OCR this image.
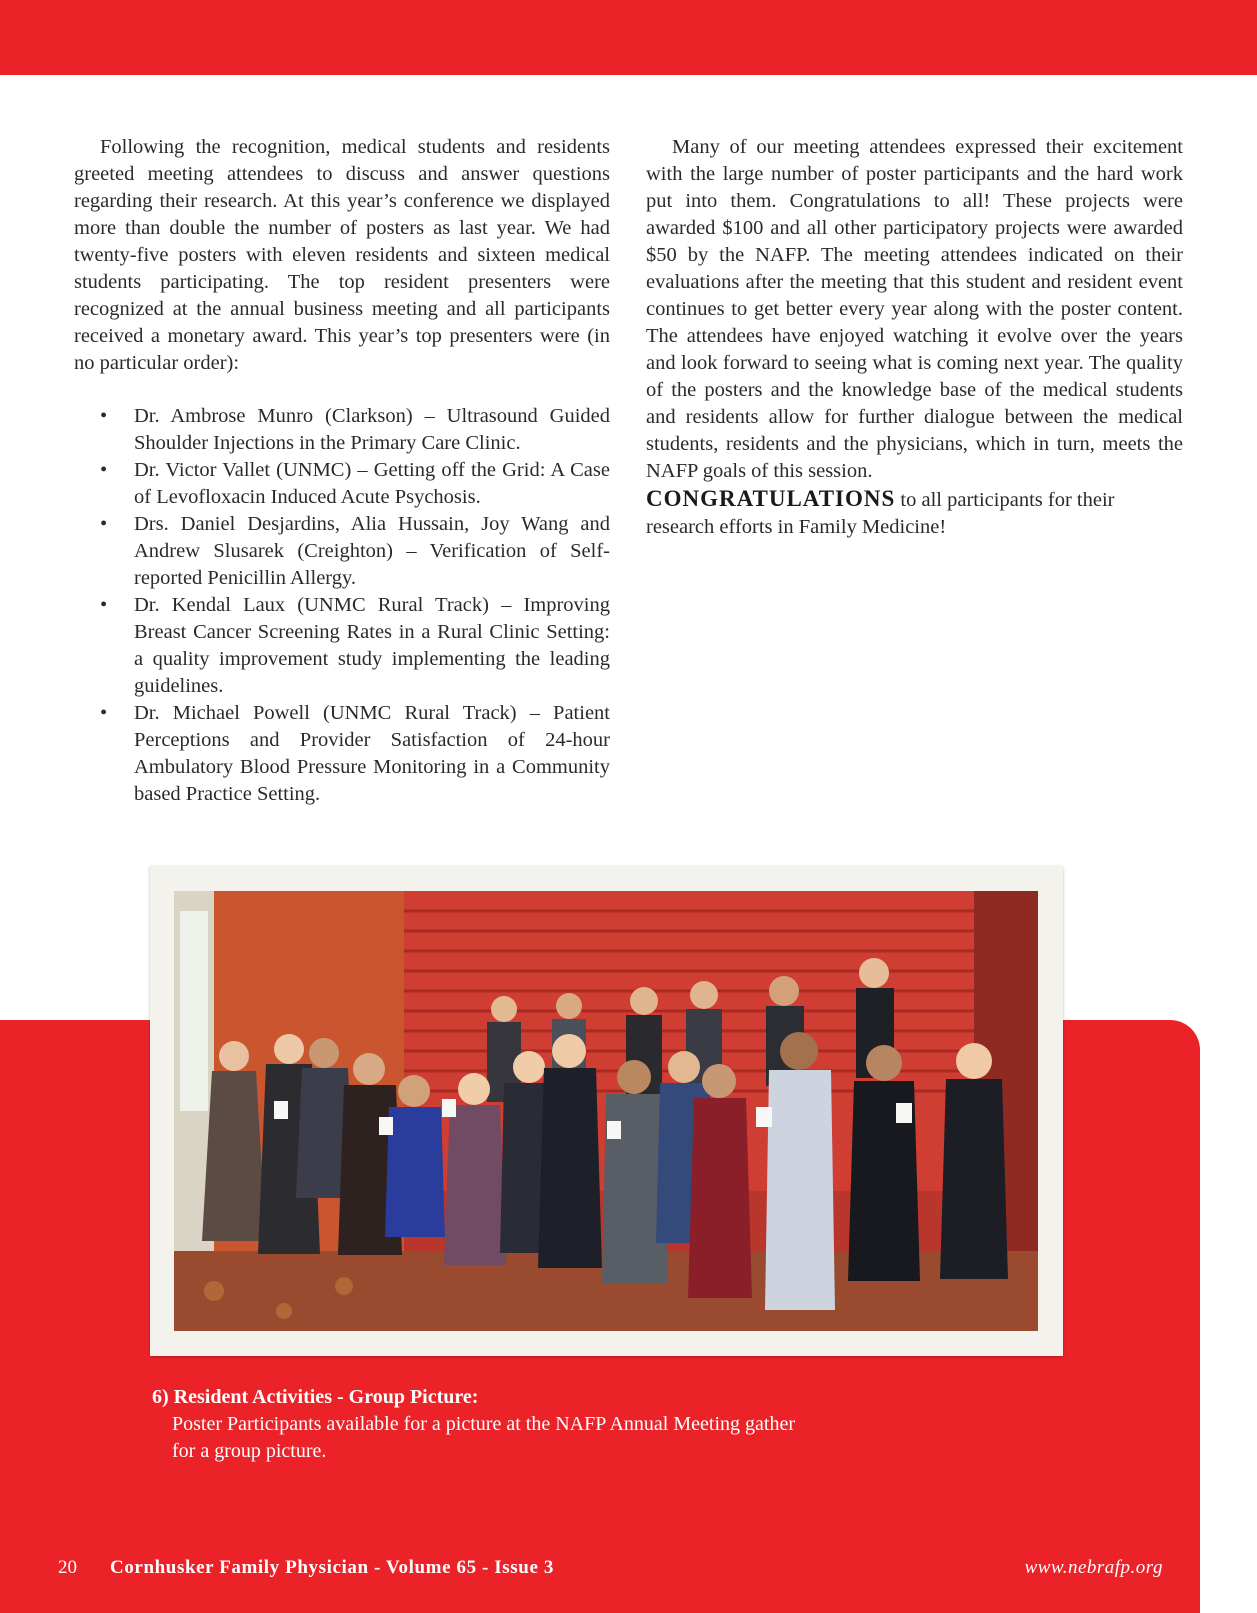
Following the recognition, medical students and residents greeted meeting attendees to discuss and answer questions regarding their research. At this year’s conference we displayed more than double the number of posters as last year. We had twenty-five posters with eleven residents and sixteen medical students participating. The top resident presenters were recognized at the annual business meeting and all participants received a monetary award. This year’s top presenters were (in no particular order):

• Dr. Ambrose Munro (Clarkson) – Ultrasound Guided Shoulder Injections in the Primary Care Clinic.
• Dr. Victor Vallet (UNMC) – Getting off the Grid: A Case of Levofloxacin Induced Acute Psychosis.
• Drs. Daniel Desjardins, Alia Hussain, Joy Wang and Andrew Slusarek (Creighton) – Verification of Self-reported Penicillin Allergy.
• Dr. Kendal Laux (UNMC Rural Track) – Improving Breast Cancer Screening Rates in a Rural Clinic Setting: a quality improvement study implementing the leading guidelines.
• Dr. Michael Powell (UNMC Rural Track) – Patient Perceptions and Provider Satisfaction of 24-hour Ambulatory Blood Pressure Monitoring in a Community based Practice Setting.

Many of our meeting attendees expressed their excitement with the large number of poster participants and the hard work put into them. Congratulations to all! These projects were awarded $100 and all other participatory projects were awarded $50 by the NAFP. The meeting attendees indicated on their evaluations after the meeting that this student and resident event continues to get better every year along with the poster content. The attendees have enjoyed watching it evolve over the years and look forward to seeing what is coming next year. The quality of the posters and the knowledge base of the medical students and residents allow for further dialogue between the medical students, residents and the physicians, which in turn, meets the NAFP goals of this session.

CONGRATULATIONS to all participants for their research efforts in Family Medicine!

6) Resident Activities - Group Picture:
Poster Participants available for a picture at the NAFP Annual Meeting gather
for a group picture.
20 Cornhusker Family Physician - Volume 65 - Issue 3	www.nebrafp.org
